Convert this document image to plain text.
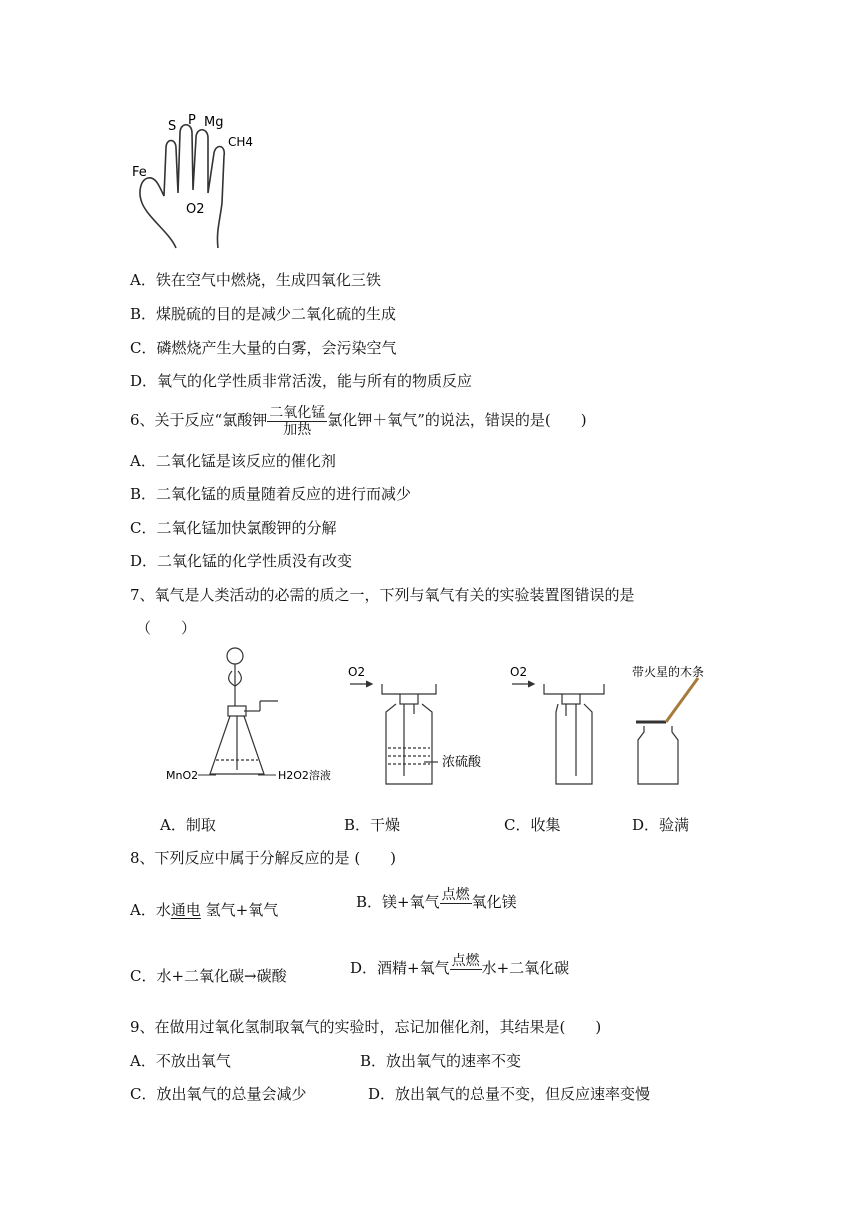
Fe
S P Mg
CH4
O2
A．铁在空气中燃烧，生成四氧化三铁
B．煤脱硫的目的是减少二氧化硫的生成
C．磷燃烧产生大量的白雾，会污染空气
D．氧气的化学性质非常活泼，能与所有的物质反应
6、关于反应“氯酸钾 二氧化锰
加热
氯化钾＋氧气”的说法，错误的是(　　)
A．二氧化锰是该反应的催化剂
B．二氧化锰的质量随着反应的进行而减少
C．二氧化锰加快氯酸钾的分解
D．二氧化锰的化学性质没有改变
7、氧气是人类活动的必需的质之一，下列与氧气有关的实验装置图错误的是
（　　）
MnO2	H2O2溶液
O2
浓硫酸
O2	带火星的木条
A．制取	B．干燥	C．收集	D．验满
8、下列反应中属于分解反应的是 (　　)
A．水通电 氢气+氧气	B．镁+氧气 点燃
氧化镁
C．水+二氧化碳→碳酸	D．酒精+氧气 点燃
水+二氧化碳
9、在做用过氧化氢制取氧气的实验时，忘记加催化剂，其结果是(　　)
A．不放出氧气	B．放出氧气的速率不变
C．放出氧气的总量会减少	D．放出氧气的总量不变，但反应速率变慢
